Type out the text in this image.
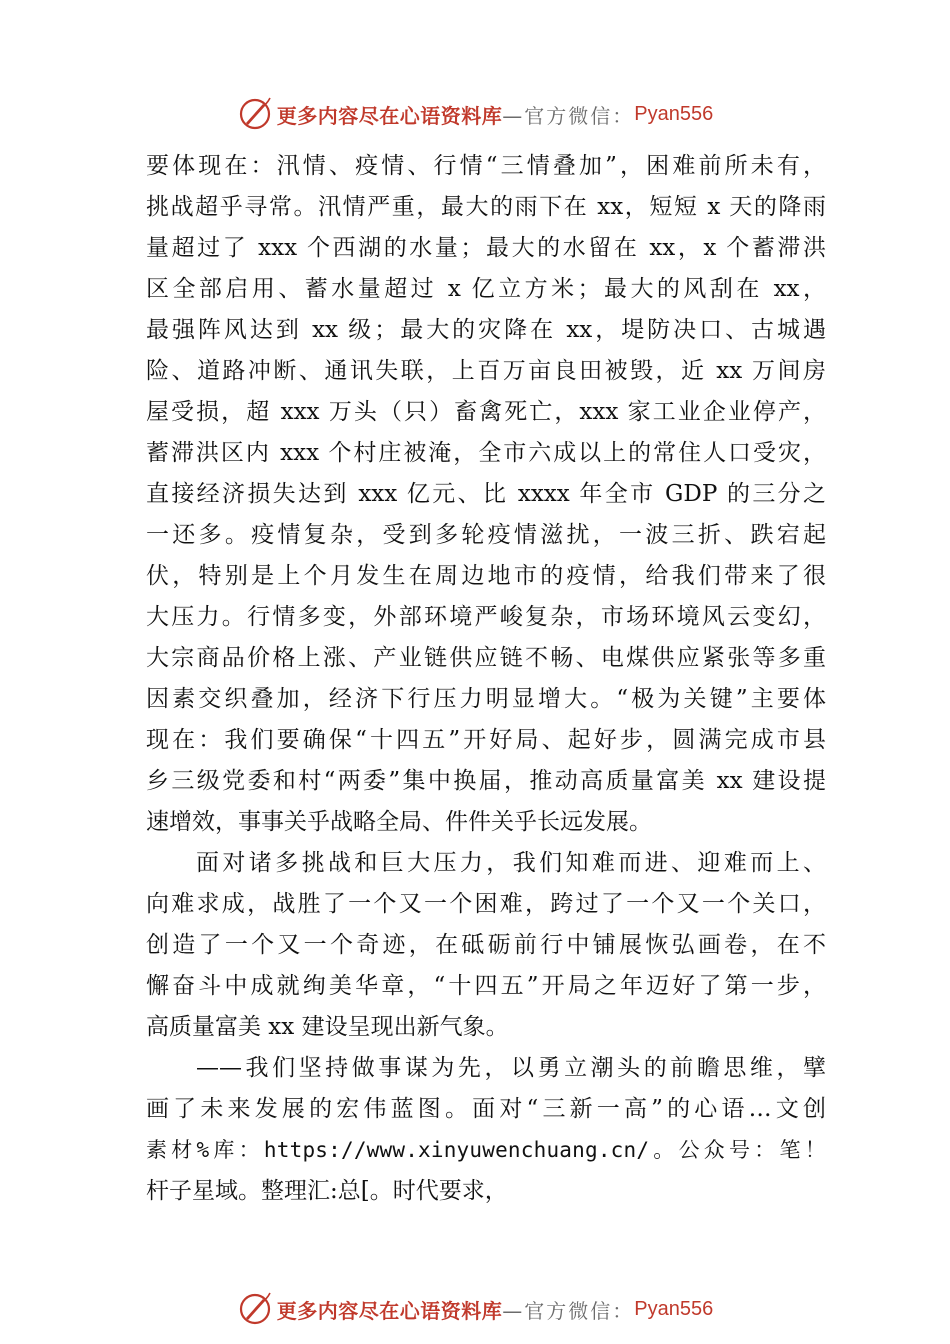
更多内容尽在心语资料库 —官方微信： Pyan556
要体现在：汛情、疫情、行情“三情叠加”，困难前所未有，
挑战超乎寻常。汛情严重，最大的雨下在 xx，短短 x 天的降雨
量超过了 xxx 个西湖的水量；最大的水留在 xx，x 个蓄滞洪
区全部启用、蓄水量超过 x 亿立方米；最大的风刮在 xx，
最强阵风达到 xx 级；最大的灾降在 xx，堤防决口、古城遇
险、道路冲断、通讯失联，上百万亩良田被毁，近 xx 万间房
屋受损，超 xxx 万头（只）畜禽死亡，xxx 家工业企业停产，
蓄滞洪区内 xxx 个村庄被淹，全市六成以上的常住人口受灾，
直接经济损失达到 xxx 亿元、比 xxxx 年全市 GDP 的三分之
一还多。疫情复杂，受到多轮疫情滋扰，一波三折、跌宕起
伏，特别是上个月发生在周边地市的疫情，给我们带来了很
大压力。行情多变，外部环境严峻复杂，市场环境风云变幻，
大宗商品价格上涨、产业链供应链不畅、电煤供应紧张等多重
因素交织叠加，经济下行压力明显增大。“极为关键”主要体
现在：我们要确保“十四五”开好局、起好步，圆满完成市县
乡三级党委和村“两委”集中换届，推动高质量富美 xx 建设提
速增效，事事关乎战略全局、件件关乎长远发展。
面对诸多挑战和巨大压力，我们知难而进、迎难而上、
向难求成，战胜了一个又一个困难，跨过了一个又一个关口，
创造了一个又一个奇迹，在砥砺前行中铺展恢弘画卷，在不
懈奋斗中成就绚美华章，“十四五”开局之年迈好了第一步，
高质量富美 xx 建设呈现出新气象。
——我们坚持做事谋为先，以勇立潮头的前瞻思维，擘
画了未来发展的宏伟蓝图。面对“三新一高”的心语…文创
素材%库：https://www.xinyuwenchuang.cn/。公众号：笔！
杆子星域。整理汇:总[。时代要求，
更多内容尽在心语资料库 —官方微信： Pyan556
